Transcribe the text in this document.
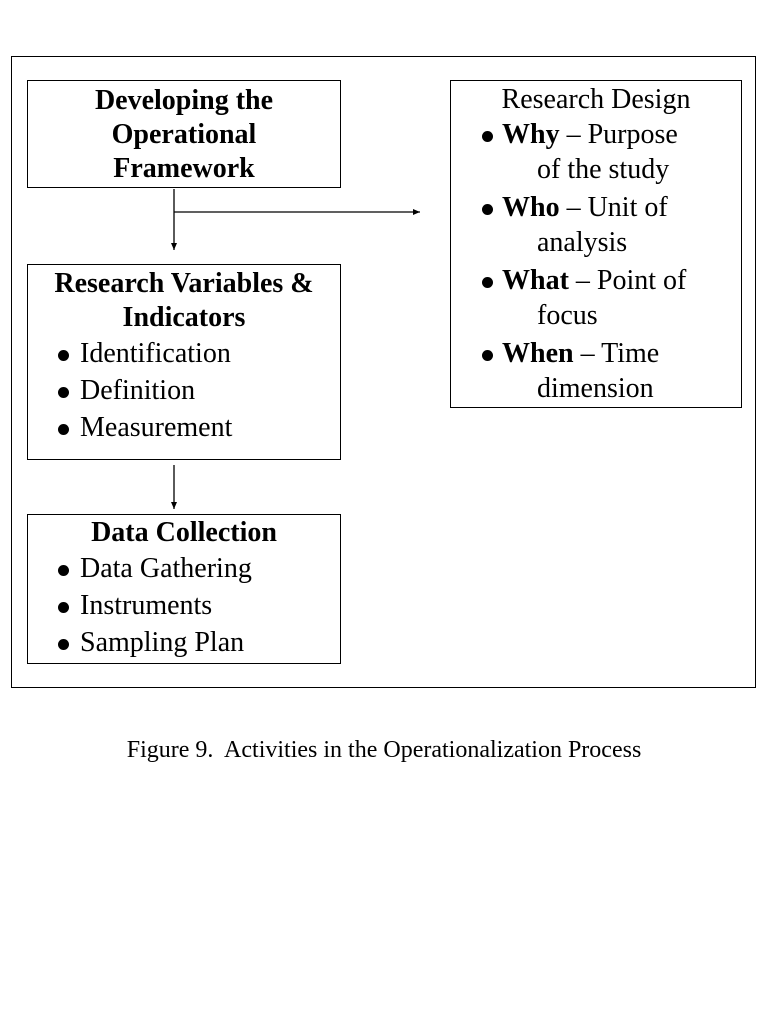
Developing the Operational Framework
Research Variables & Indicators
Identification
Definition
Measurement
Data Collection
Data Gathering
Instruments
Sampling Plan
Research Design
Why – Purpose
of the study
Who – Unit of
analysis
What – Point of
focus
When – Time
dimension
Figure 9.  Activities in the Operationalization Process
